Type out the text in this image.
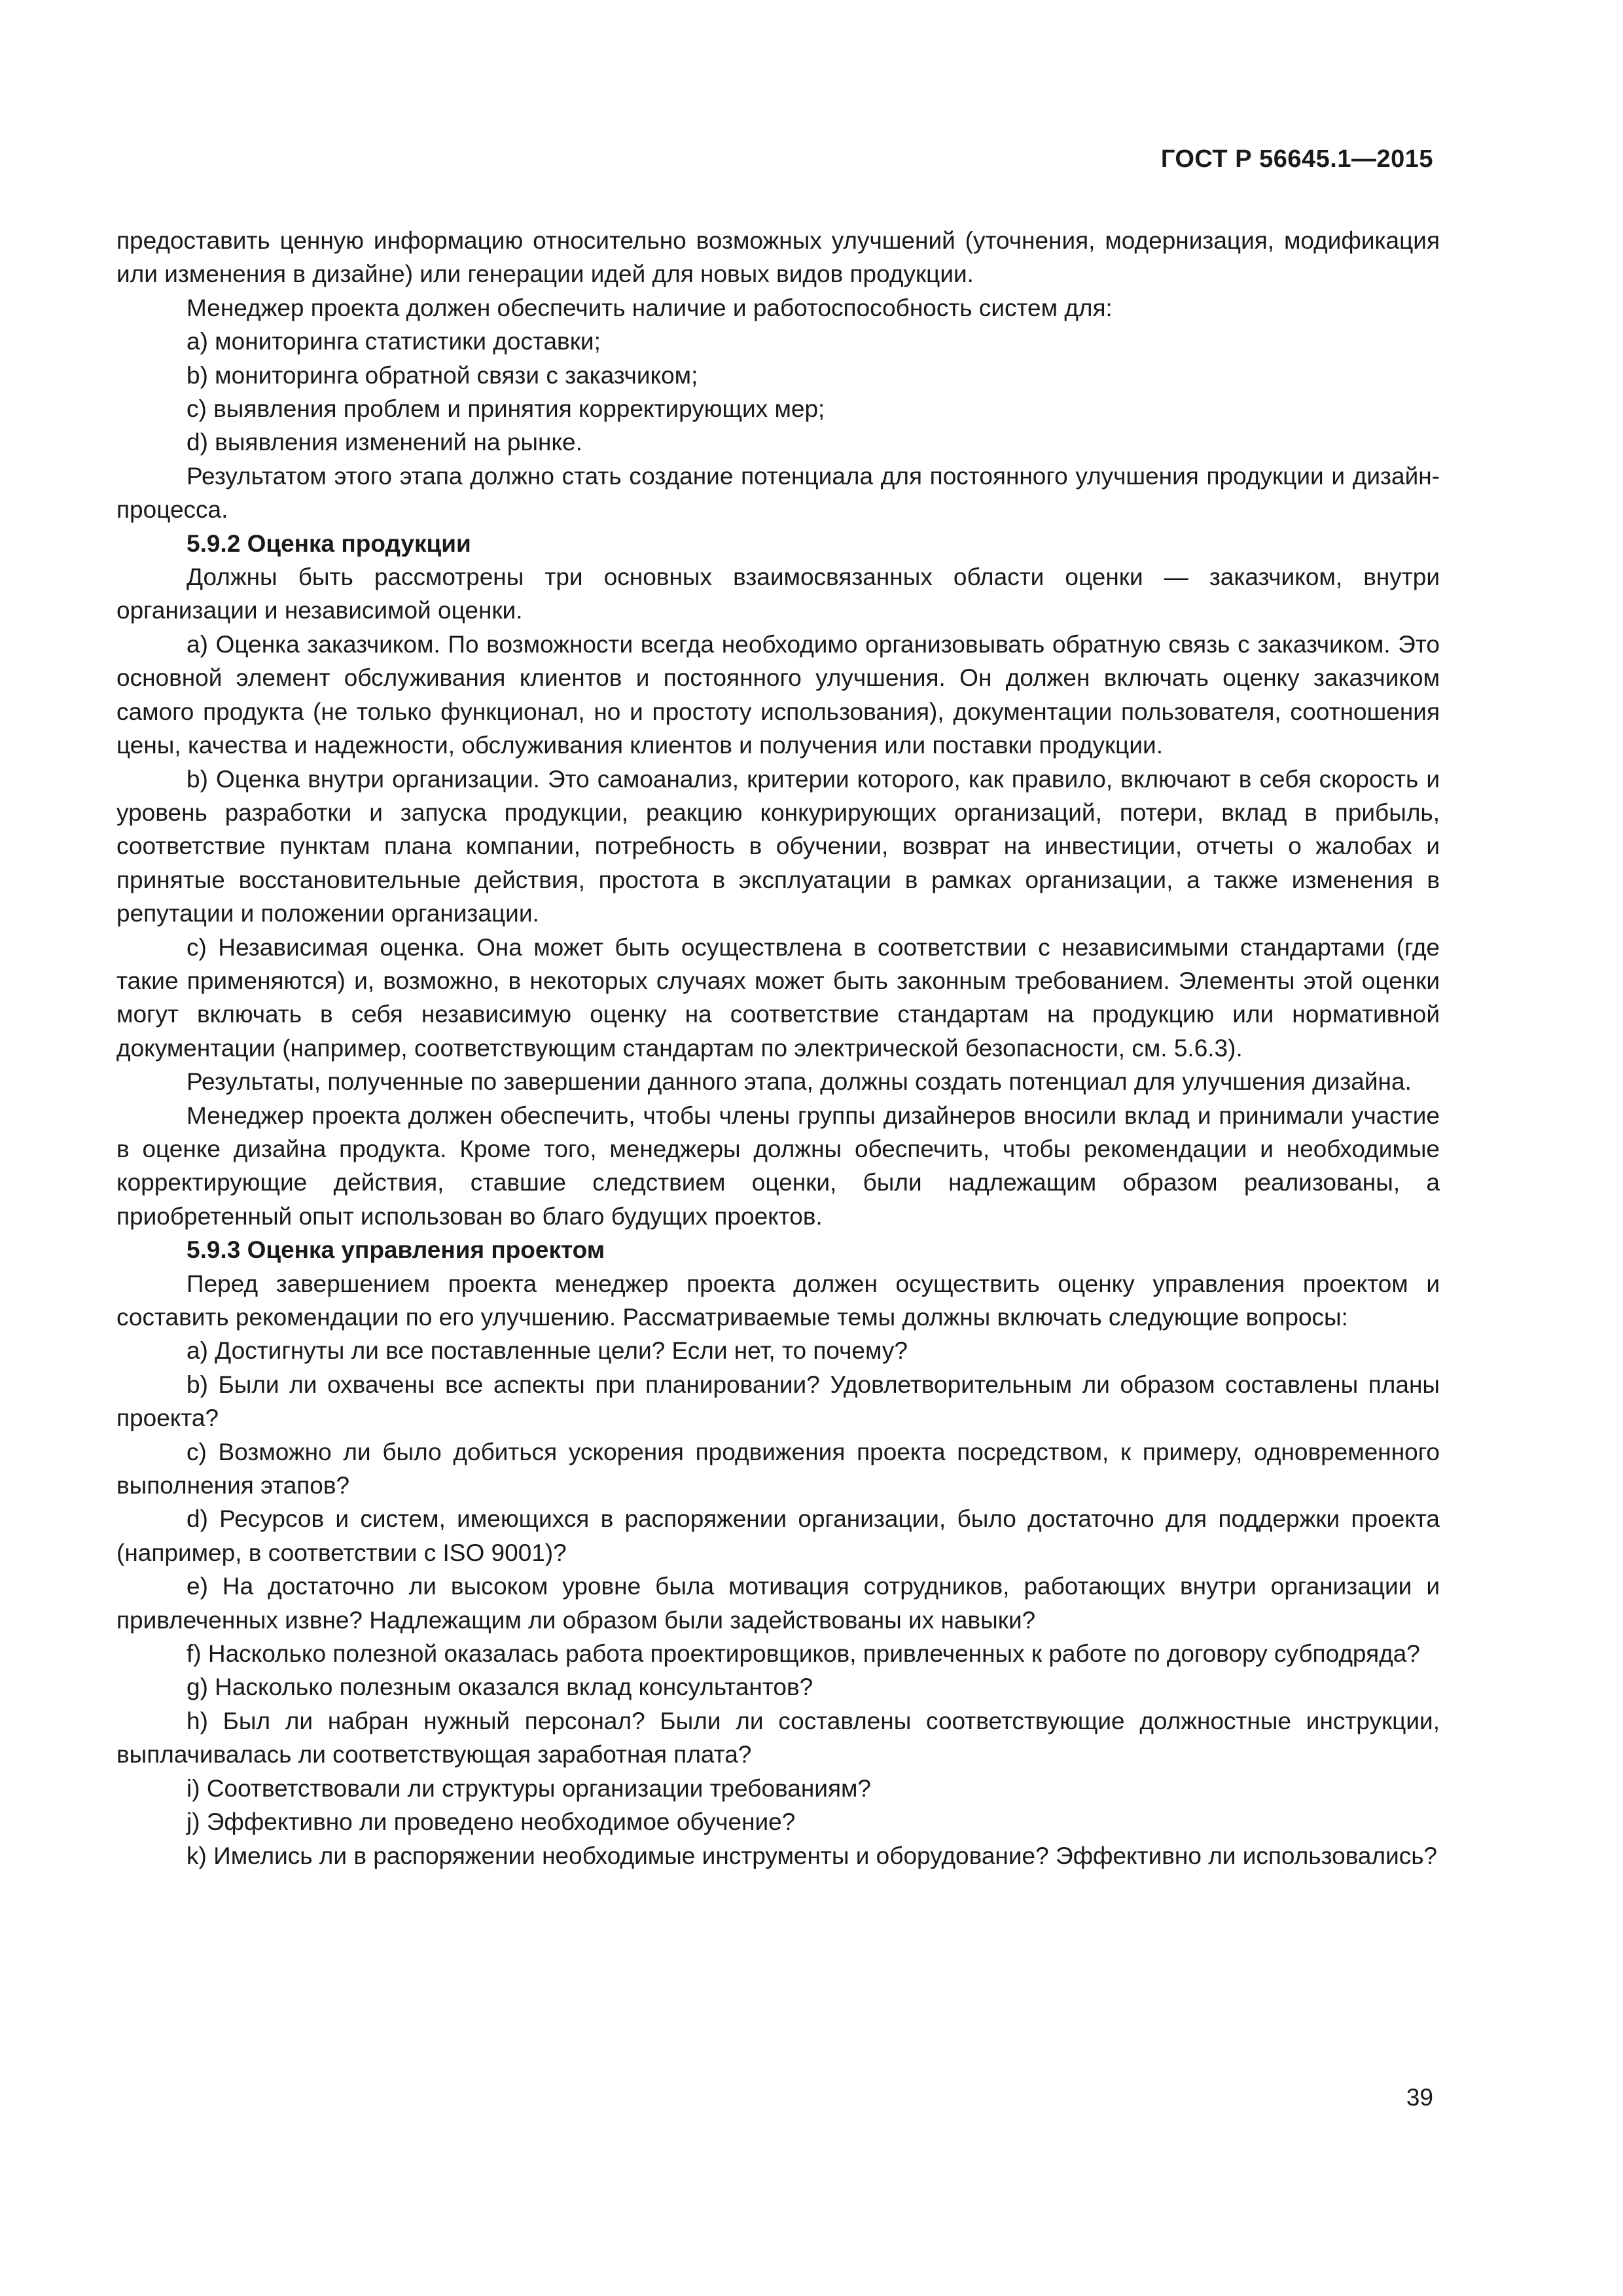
ГОСТ Р 56645.1—2015

предоставить ценную информацию относительно возможных улучшений (уточнения, модернизация, модификация или изменения в дизайне) или генерации идей для новых видов продукции.

Менеджер проекта должен обеспечить наличие и работоспособность систем для:

a) мониторинга статистики доставки;

b) мониторинга обратной связи с заказчиком;

c) выявления проблем и принятия корректирующих мер;

d) выявления изменений на рынке.

Результатом этого этапа должно стать создание потенциала для постоянного улучшения продукции и дизайн-процесса.

5.9.2 Оценка продукции

Должны быть рассмотрены три основных взаимосвязанных области оценки — заказчиком, внутри организации и независимой оценки.

a) Оценка заказчиком. По возможности всегда необходимо организовывать обратную связь с заказчиком. Это основной элемент обслуживания клиентов и постоянного улучшения. Он должен включать оценку заказчиком самого продукта (не только функционал, но и простоту использования), документации пользователя, соотношения цены, качества и надежности, обслуживания клиентов и получения или поставки продукции.

b) Оценка внутри организации. Это самоанализ, критерии которого, как правило, включают в себя скорость и уровень разработки и запуска продукции, реакцию конкурирующих организаций, потери, вклад в прибыль, соответствие пунктам плана компании, потребность в обучении, возврат на инвестиции, отчеты о жалобах и принятые восстановительные действия, простота в эксплуатации в рамках организации, а также изменения в репутации и положении организации.

c) Независимая оценка. Она может быть осуществлена в соответствии с независимыми стандартами (где такие применяются) и, возможно, в некоторых случаях может быть законным требованием. Элементы этой оценки могут включать в себя независимую оценку на соответствие стандартам на продукцию или нормативной документации (например, соответствующим стандартам по электрической безопасности, см. 5.6.3).

Результаты, полученные по завершении данного этапа, должны создать потенциал для улучшения дизайна.

Менеджер проекта должен обеспечить, чтобы члены группы дизайнеров вносили вклад и принимали участие в оценке дизайна продукта. Кроме того, менеджеры должны обеспечить, чтобы рекомендации и необходимые корректирующие действия, ставшие следствием оценки, были надлежащим образом реализованы, а приобретенный опыт использован во благо будущих проектов.

5.9.3 Оценка управления проектом

Перед завершением проекта менеджер проекта должен осуществить оценку управления проектом и составить рекомендации по его улучшению. Рассматриваемые темы должны включать следующие вопросы:

a) Достигнуты ли все поставленные цели? Если нет, то почему?

b) Были ли охвачены все аспекты при планировании? Удовлетворительным ли образом составлены планы проекта?

c) Возможно ли было добиться ускорения продвижения проекта посредством, к примеру, одновременного выполнения этапов?

d) Ресурсов и систем, имеющихся в распоряжении организации, было достаточно для поддержки проекта (например, в соответствии с ISO 9001)?

e) На достаточно ли высоком уровне была мотивация сотрудников, работающих внутри организации и привлеченных извне? Надлежащим ли образом были задействованы их навыки?

f) Насколько полезной оказалась работа проектировщиков, привлеченных к работе по договору субподряда?

g) Насколько полезным оказался вклад консультантов?

h) Был ли набран нужный персонал? Были ли составлены соответствующие должностные инструкции, выплачивалась ли соответствующая заработная плата?

i) Соответствовали ли структуры организации требованиям?

j) Эффективно ли проведено необходимое обучение?

k) Имелись ли в распоряжении необходимые инструменты и оборудование? Эффективно ли использовались?

39
